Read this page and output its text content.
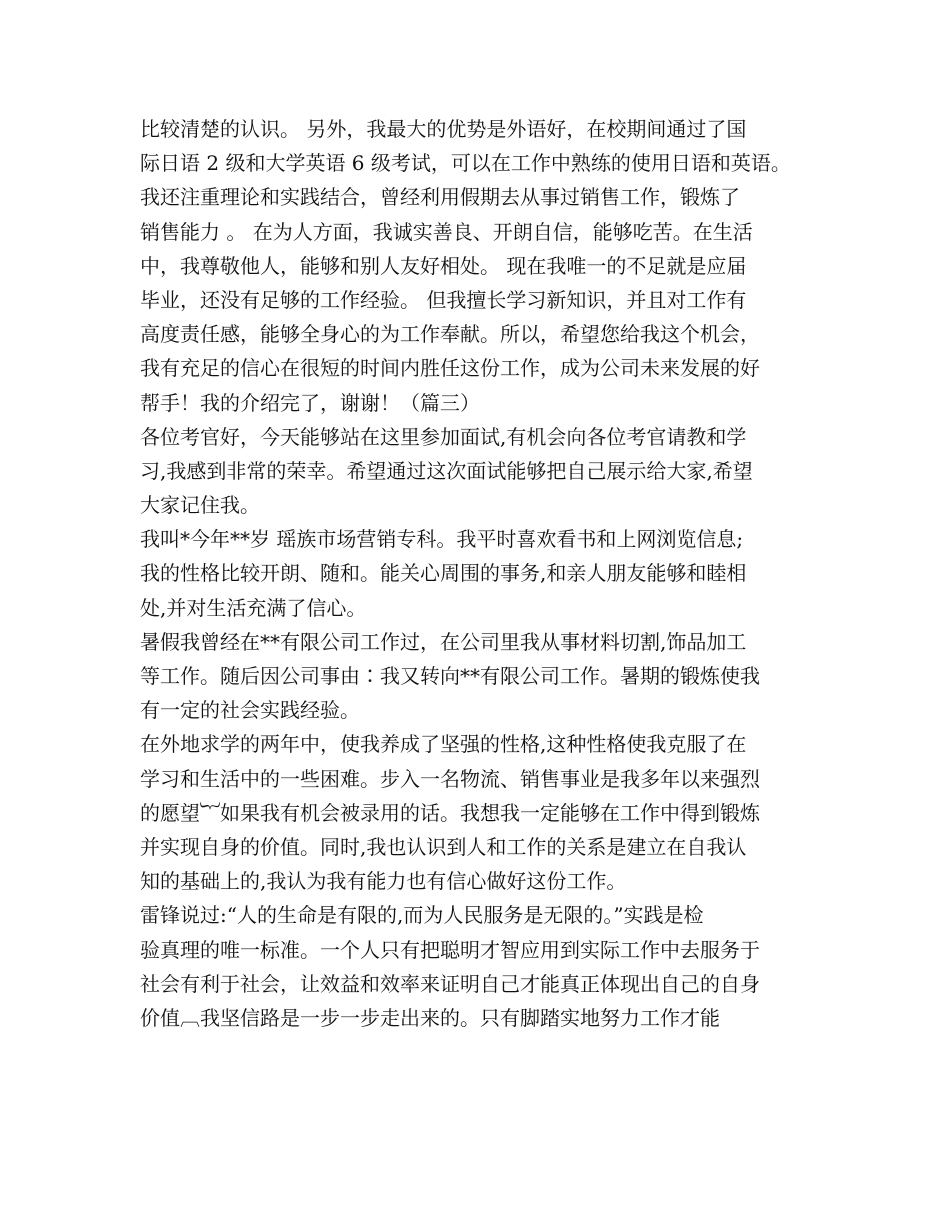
比较清楚的认识。 另外，我最大的优势是外语好，在校期间通过了国
际日语 2 级和大学英语 6 级考试，可以在工作中熟练的使用日语和英语。
我还注重理论和实践结合，曾经利用假期去从事过销售工作，锻炼了
销售能力 。 在为人方面，我诚实善良、开朗自信，能够吃苦。在生活
中，我尊敬他人，能够和别人友好相处。 现在我唯一的不足就是应届
毕业，还没有足够的工作经验。 但我擅长学习新知识，并且对工作有
高度责任感，能够全身心的为工作奉献。所以，希望您给我这个机会，
我有充足的信心在很短的时间内胜任这份工作，成为公司未来发展的好
帮手！我的介绍完了，谢谢！（篇三）
各位考官好，今天能够站在这里参加面试,有机会向各位考官请教和学
习,我感到非常的荣幸。希望通过这次面试能够把自己展示给大家,希望
大家记住我。
我叫*今年**岁 瑶族市场营销专科。我平时喜欢看书和上网浏览信息;
我的性格比较开朗、随和。能关心周围的事务,和亲人朋友能够和睦相
处,并对生活充满了信心。
暑假我曾经在**有限公司工作过，在公司里我从事材料切割,饰品加工
等工作。随后因公司事由∶我又转向**有限公司工作。暑期的锻炼使我
有一定的社会实践经验。
在外地求学的两年中，使我养成了坚强的性格,这种性格使我克服了在
学习和生活中的一些困难。步入一名物流、销售事业是我多年以来强烈
的愿望︸如果我有机会被录用的话。我想我一定能够在工作中得到锻炼
并实现自身的价值。同时,我也认识到人和工作的关系是建立在自我认
知的基础上的,我认为我有能力也有信心做好这份工作。
雷锋说过:“人的生命是有限的,而为人民服务是无限的。”实践是检
验真理的唯一标准。一个人只有把聪明才智应用到实际工作中去服务于
社会有利于社会，让效益和效率来证明自己才能真正体现出自己的自身
价值︹我坚信路是一步一步走出来的。只有脚踏实地努力工作才能
